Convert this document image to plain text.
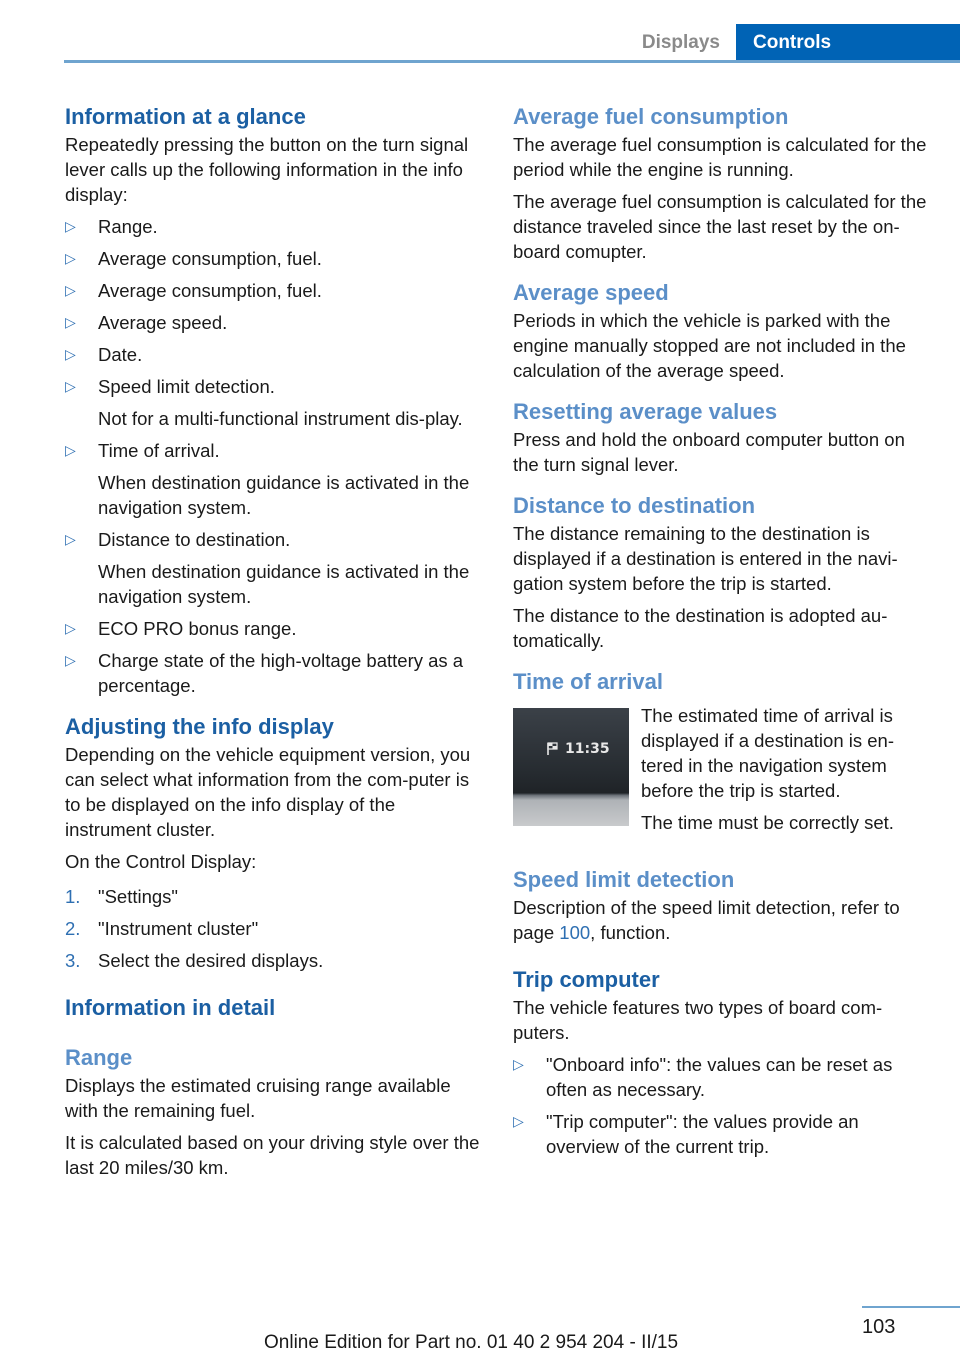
Displays	Controls
Information at a glance

Repeatedly pressing the button on the turn signal lever calls up the following information in the info display:

▷	Range.
▷	Average consumption, fuel.
▷	Average consumption, fuel.
▷	Average speed.
▷	Date.
▷	Speed limit detection.
Not for a multi-functional instrument dis-play.
▷	Time of arrival.
When destination guidance is activated in the navigation system.
▷	Distance to destination.
When destination guidance is activated in the navigation system.
▷	ECO PRO bonus range.
▷	Charge state of the high-voltage battery as a percentage.
Adjusting the info display

Depending on the vehicle equipment version, you can select what information from the com-puter is to be displayed on the info display of the instrument cluster.

On the Control Display:

1. "Settings"
2. "Instrument cluster"
3. Select the desired displays.
Information in detail
Range

Displays the estimated cruising range available with the remaining fuel.

It is calculated based on your driving style over the last 20 miles/30 km.

Average fuel consumption

The average fuel consumption is calculated for the period while the engine is running.

The average fuel consumption is calculated for the distance traveled since the last reset by the on-board comupter.

Average speed

Periods in which the vehicle is parked with the engine manually stopped are not included in the calculation of the average speed.

Resetting average values

Press and hold the onboard computer button on the turn signal lever.

Distance to destination

The distance remaining to the destination is displayed if a destination is entered in the navi-gation system before the trip is started.

The distance to the destination is adopted au-tomatically.

Time of arrival
11:35

The estimated time of arrival is displayed if a destination is en-tered in the navigation system before the trip is started.

The time must be correctly set.

Speed limit detection

Description of the speed limit detection, refer to page 100, function.

Trip computer

The vehicle features two types of board com-puters.

▷	"Onboard info": the values can be reset as often as necessary.
▷	"Trip computer": the values provide an overview of the current trip.
103
Online Edition for Part no. 01 40 2 954 204 - II/15
